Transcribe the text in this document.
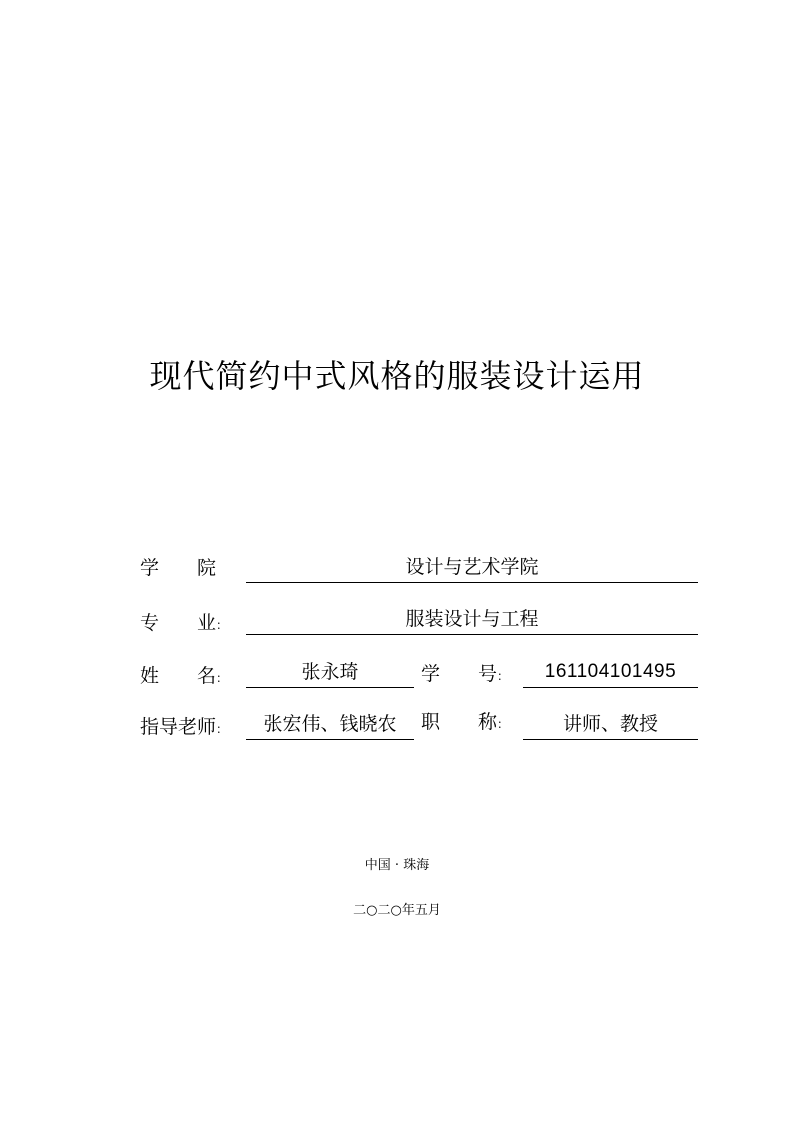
现代简约中式风格的服装设计运用
学　　院	设计与艺术学院
专　　业：	服装设计与工程
姓　　名：	张永琦	学　　号：	161104101495
指导老师：	张宏伟、钱晓农	职　　称：	讲师、教授
中国 · 珠海
二○二○年五月
